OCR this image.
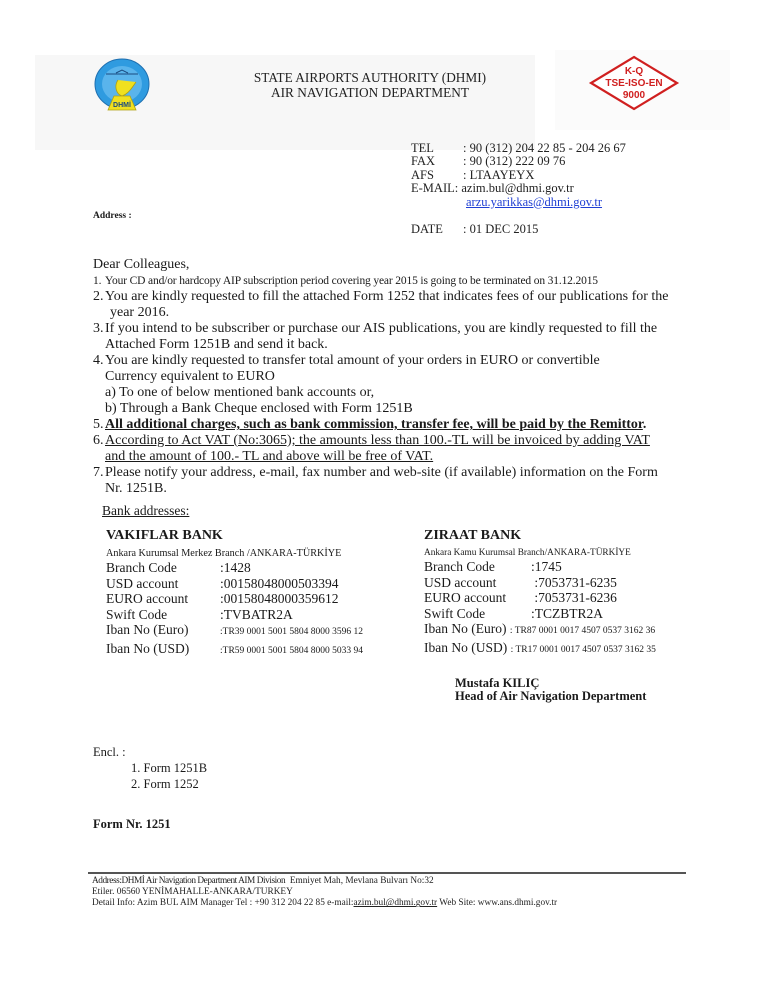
DHMİ
K-Q
TSE-ISO-EN
9000
STATE AIRPORTS AUTHORITY (DHMI)
AIR NAVIGATION DEPARTMENT
TEL : 90 (312) 204 22 85 - 204 26 67
FAX : 90 (312) 222 09 76
AFS : LTAAYEYX
E-MAIL: azim.bul@dhmi.gov.tr
arzu.yarikkas@dhmi.gov.tr
DATE : 01 DEC 2015
Address :
Dear Colleagues,
1. Your CD and/or hardcopy AIP subscription period covering year 2015 is going to be terminated on 31.12.2015
2. You are kindly requested to fill the attached Form 1252 that indicates fees of our publications for the
year 2016.
3. If you intend to be subscriber or purchase our AIS publications, you are kindly requested to fill the
Attached Form 1251B and send it back.
4. You are kindly requested to transfer total amount of your orders in EURO or convertible
Currency equivalent to EURO
a) To one of below mentioned bank accounts or,
b) Through a Bank Cheque enclosed with Form 1251B
5. All additional charges, such as bank commission, transfer fee, will be paid by the Remittor.
6. According to Act VAT (No:3065); the amounts less than 100.-TL will be invoiced by adding VAT
and the amount of 100.- TL and above will be free of VAT.
7. Please notify your address, e-mail, fax number and web-site (if available) information on the Form
Nr. 1251B.
Bank addresses:
VAKIFLAR BANK
Ankara Kurumsal Merkez Branch /ANKARA-TÜRKİYE
Branch Code	:1428
USD account	:00158048000503394
EURO account :00158048000359612
Swift Code	:TVBATR2A
Iban No (Euro)	:TR39 0001 5001 5804 8000 3596 12
Iban No (USD)	:TR59 0001 5001 5804 8000 5033 94
ZIRAAT BANK
Ankara Kamu Kurumsal Branch/ANKARA-TÜRKİYE
Branch Code	:1745
USD account	:7053731-6235
EURO account :7053731-6236
Swift Code	:TCZBTR2A
Iban No (Euro) : TR87 0001 0017 4507 0537 3162 36
Iban No (USD) : TR17 0001 0017 4507 0537 3162 35
Mustafa KILIÇ
Head of Air Navigation Department
Encl. :
1. Form 1251B
2. Form 1252
Form Nr. 1251
Address:DHMİ Air Navigation Department AIM Division Emniyet Mah, Mevlana Bulvarı No:32
Etiler. 06560 YENİMAHALLE-ANKARA/TURKEY
Detail Info: Azim BUL AIM Manager Tel : +90 312 204 22 85 e-mail:azim.bul@dhmi.gov.tr Web Site: www.ans.dhmi.gov.tr
